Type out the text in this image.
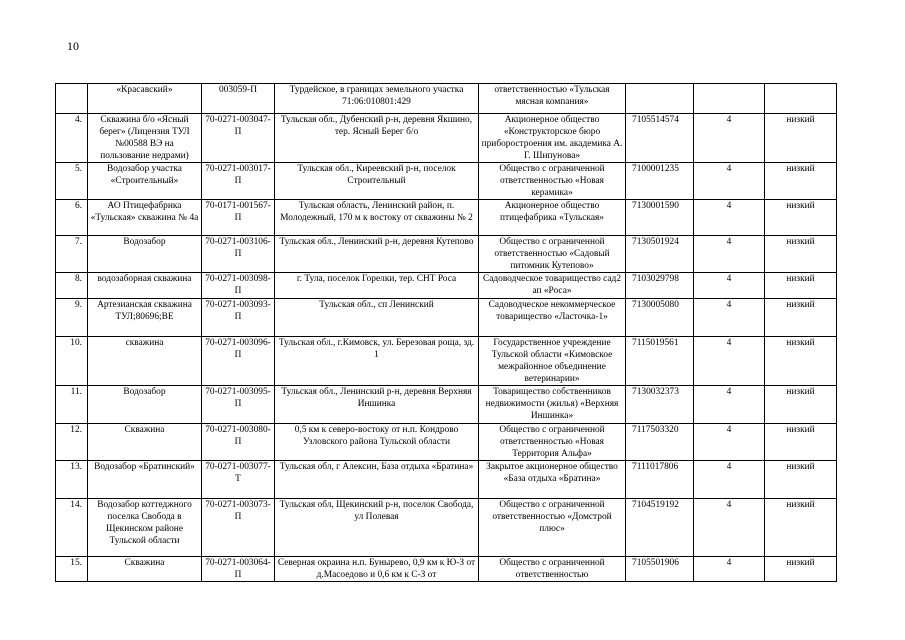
10
	«Красавский»	003059-П	Турдейское, в границах земельного участка 71:06:010801:429	ответственностью «Тульская мясная компания»			
4.	Скважина б/о «Ясный берег» (Лицензия ТУЛ №00588 ВЭ на пользование недрами)	70-0271-003047-П	Тульская обл., Дубенский р-н, деревня Якшино, тер. Ясный Берег б/о	Акционерное общество «Конструкторское бюро приборостроения им. академика А. Г. Шипунова»	7105514574	4	низкий
5.	Водозабор участка «Строительный»	70-0271-003017-П	Тульская обл., Киреевский р-н, поселок Строительный	Общество с ограниченной ответственностью «Новая керамика»	7100001235	4	низкий
6.	АО Птицефабрика «Тульская» скважина № 4а	70-0171-001567-П	Тульская область, Ленинский район, п. Молодежный, 170 м к востоку от скважины № 2	Акционерное общество птицефабрика «Тульская»	7130001590	4	низкий
7.	Водозабор	70-0271-003106-П	Тульская обл., Ленинский р-н, деревня Кутепово	Общество с ограниченной ответственностью «Садовый питомник Кутепово»	7130501924	4	низкий
8.	водозаборная скважина	70-0271-003098-П	г. Тула, поселок Горелки, тер. СНТ Роса	Садоводческое товарищество сад2 ап «Роса»	7103029798	4	низкий
9.	Артезианская скважина ТУЛ;80696;ВЕ	70-0271-003093-П	Тульская обл., сп Ленинский	Садоводческое некоммерческое товарищество «Ласточка-1»	7130005080	4	низкий
10.	скважина	70-0271-003096-П	Тульская обл., г.Кимовск, ул. Березовая роща, зд. 1	Государственное учреждение Тульской области «Кимовское межрайонное объединение ветеринарии»	7115019561	4	низкий
11.	Водозабор	70-0271-003095-П	Тульская обл., Ленинский р-н, деревня Верхняя Иншинка	Товарищество собственников недвижимости (жилья) «Верхняя Иншинка»	7130032373	4	низкий
12.	Скважина	70-0271-003080-П	0,5 км к северо-востоку от н.п. Кондрово Узловского района Тульской области	Общество с ограниченной ответственностью «Новая Территория Альфа»	7117503320	4	низкий
13.	Водозабор «Братинский»	70-0271-003077-Т	Тульская обл, г Алексин, База отдыха «Братина»	Закрытое акционерное общество «База отдыха «Братина»	7111017806	4	низкий
14.	Водозабор коттеджного поселка Свобода в Щекинском районе Тульской области	70-0271-003073-П	Тульская обл, Щекинский р-н, поселок Свобода, ул Полевая	Общество с ограниченной ответственностью «Домстрой плюс»	7104519192	4	низкий
15.	Скважина	70-0271-003064-П	Северная окраина н.п. Бунырево, 0,9 км к Ю-З от д.Масоедово и 0,6 км к С-З от	Общество с ограниченной ответственностью	7105501906	4	низкий
